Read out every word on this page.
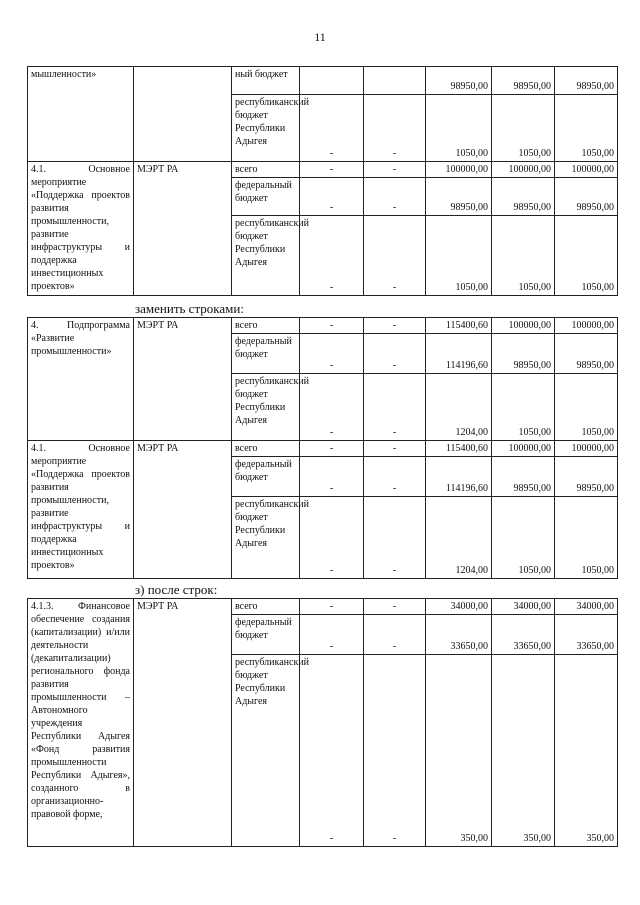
11
мышленности»		ный бюджет			98950,00	98950,00	98950,00
		республиканский бюджет Республики Адыгея	-	-	1050,00	1050,00	1050,00
4.1. Основное мероприятие «Поддержка проектов развития промышленности, развитие инфраструктуры и поддержка инвестиционных проектов»	МЭРТ РА	всего	-	-	100000,00	100000,00	100000,00
		федеральный бюджет	-	-	98950,00	98950,00	98950,00
		республиканский бюджет Республики Адыгея	-	-	1050,00	1050,00	1050,00
заменить строками:
4. Подпрограмма «Развитие промышленности»	МЭРТ РА	всего	-	-	115400,60	100000,00	100000,00
		федеральный бюджет	-	-	114196,60	98950,00	98950,00
		республиканский бюджет Республики Адыгея	-	-	1204,00	1050,00	1050,00
4.1. Основное мероприятие «Поддержка проектов развития промышленности, развитие инфраструктуры и поддержка инвестиционных проектов»	МЭРТ РА	всего	-	-	115400,60	100000,00	100000,00
		федеральный бюджет	-	-	114196,60	98950,00	98950,00
		республиканский бюджет Республики Адыгея	-	-	1204,00	1050,00	1050,00
з) после строк:
4.1.3. Финансовое обеспечение создания (капитализации) и/или деятельности (декапитализации) регионального фонда развития промышленности – Автономного учреждения Республики Адыгея «Фонд развития промышленности Республики Адыгея», созданного в организационно-правовой форме,	МЭРТ РА	всего	-	-	34000,00	34000,00	34000,00
		федеральный бюджет	-	-	33650,00	33650,00	33650,00
		республиканский бюджет Республики Адыгея	-	-	350,00	350,00	350,00
